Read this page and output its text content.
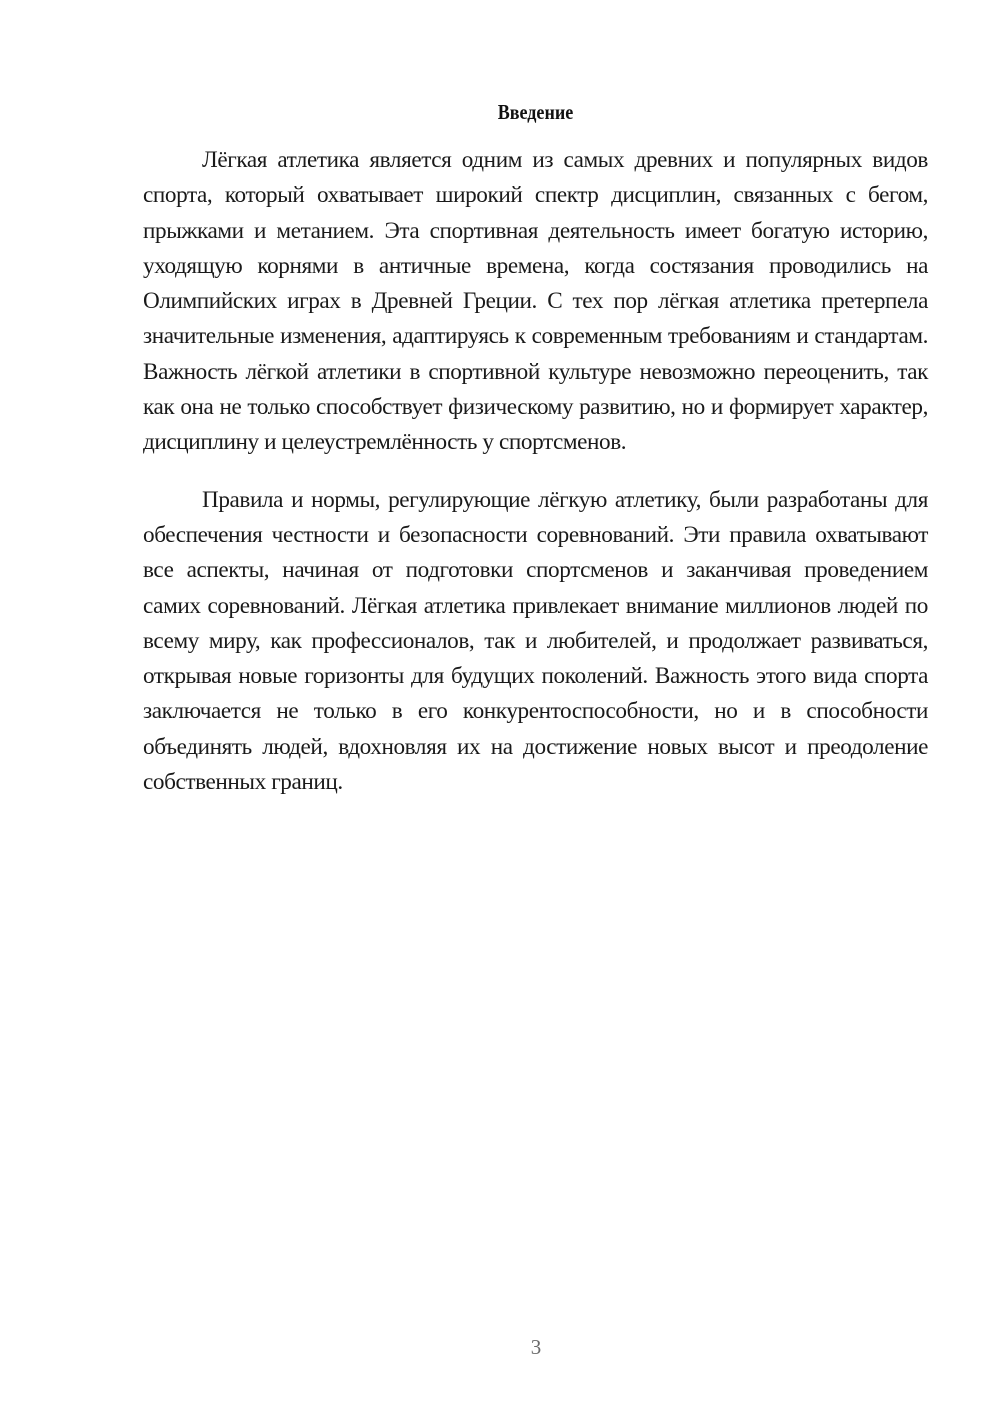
Введение

Лёгкая атлетика является одним из самых древних и популярных видов спорта, который охватывает широкий спектр дисциплин, связанных с бегом, прыжками и метанием. Эта спортивная деятельность имеет богатую историю, уходящую корнями в античные времена, когда состязания проводились на Олимпийских играх в Древней Греции. С тех пор лёгкая атлетика претерпела значительные изменения, адаптируясь к современным требованиям и стандартам. Важность лёгкой атлетики в спортивной культуре невозможно переоценить, так как она не только способствует физическому развитию, но и формирует характер, дисциплину и целеустремлённость у спортсменов.

Правила и нормы, регулирующие лёгкую атлетику, были разработаны для обеспечения честности и безопасности соревнований. Эти правила охватывают все аспекты, начиная от подготовки спортсменов и заканчивая проведением самих соревнований. Лёгкая атлетика привлекает внимание миллионов людей по всему миру, как профессионалов, так и любителей, и продолжает развиваться, открывая новые горизонты для будущих поколений. Важность этого вида спорта заключается не только в его конкурентоспособности, но и в способности объединять людей, вдохновляя их на достижение новых высот и преодоление собственных границ.

3
